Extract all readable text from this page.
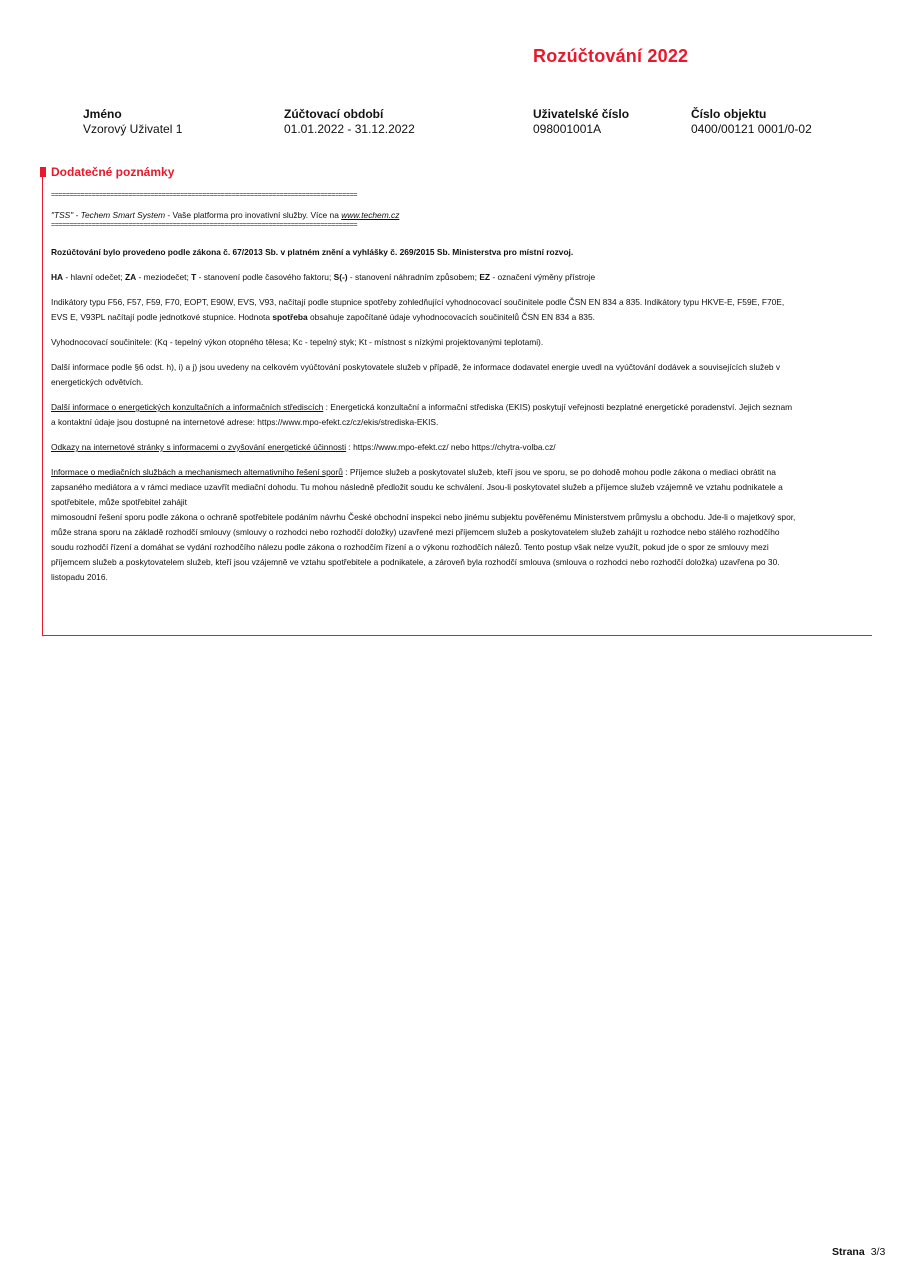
Rozúčtování 2022
Jméno
Vzorový Uživatel 1
Zúčtovací období
01.01.2022 - 31.12.2022
Uživatelské číslo
098001001A
Číslo objektu
0400/00121 0001/0-02
Dodatečné poznámky

===================================================================================

"TSS" - Techem Smart System - Vaše platforma pro inovativní služby. Více na www.techem.cz

===================================================================================

Rozúčtování bylo provedeno podle zákona č. 67/2013 Sb. v platném znění a vyhlášky č. 269/2015 Sb. Ministerstva pro místní rozvoj.

HA - hlavní odečet; ZA - meziodečet; T - stanovení podle časového faktoru; S(-) - stanovení náhradním způsobem; EZ - označení výměny přístroje

Indikátory typu F56, F57, F59, F70, EOPT, E90W, EVS, V93, načítají podle stupnice spotřeby zohledňující vyhodnocovací součinitele podle ČSN EN 834 a 835. Indikátory typu HKVE-E, F59E, F70E, EVS E, V93PL načítají podle jednotkové stupnice. Hodnota spotřeba obsahuje započítané údaje vyhodnocovacích součinitelů ČSN EN 834 a 835.

Vyhodnocovací součinitele: (Kq - tepelný výkon otopného tělesa; Kc - tepelný styk; Kt - místnost s nízkými projektovanými teplotami).

Další informace podle §6 odst. h), i) a j) jsou uvedeny na celkovém vyúčtování poskytovatele služeb v případě, že informace dodavatel energie uvedl na vyúčtování dodávek a souvisejících služeb v energetických odvětvích.

Další informace o energetických konzultačních a informačních střediscích : Energetická konzultační a informační střediska (EKIS) poskytují veřejnosti bezplatné energetické poradenství. Jejich seznam a kontaktní údaje jsou dostupné na internetové adrese: https://www.mpo-efekt.cz/cz/ekis/strediska-EKIS.

Odkazy na internetové stránky s informacemi o zvyšování energetické účinnosti : https://www.mpo-efekt.cz/ nebo https://chytra-volba.cz/

Informace o mediačních službách a mechanismech alternativního řešení sporů : Příjemce služeb a poskytovatel služeb, kteří jsou ve sporu, se po dohodě mohou podle zákona o mediaci obrátit na zapsaného mediátora a v rámci mediace uzavřít mediační dohodu. Tu mohou následně předložit soudu ke schválení. Jsou-li poskytovatel služeb a příjemce služeb vzájemně ve vztahu podnikatele a spotřebitele, může spotřebitel zahájit
mimosoudní řešení sporu podle zákona o ochraně spotřebitele podáním návrhu České obchodní inspekci nebo jinému subjektu pověřenému Ministerstvem průmyslu a obchodu. Jde-li o majetkový spor, může strana sporu na základě rozhodčí smlouvy (smlouvy o rozhodci nebo rozhodčí doložky) uzavřené mezi příjemcem služeb a poskytovatelem služeb zahájit u rozhodce nebo stálého rozhodčího soudu rozhodčí řízení a domáhat se vydání rozhodčího nálezu podle zákona o rozhodčím řízení a o výkonu rozhodčích nálezů. Tento postup však nelze využít, pokud jde o spor ze smlouvy mezi příjemcem služeb a poskytovatelem služeb, kteří jsou vzájemně ve vztahu spotřebitele a podnikatele, a zároveň byla rozhodčí smlouva (smlouva o rozhodci nebo rozhodčí doložka) uzavřena po 30. listopadu 2016.

Strana 3/3
